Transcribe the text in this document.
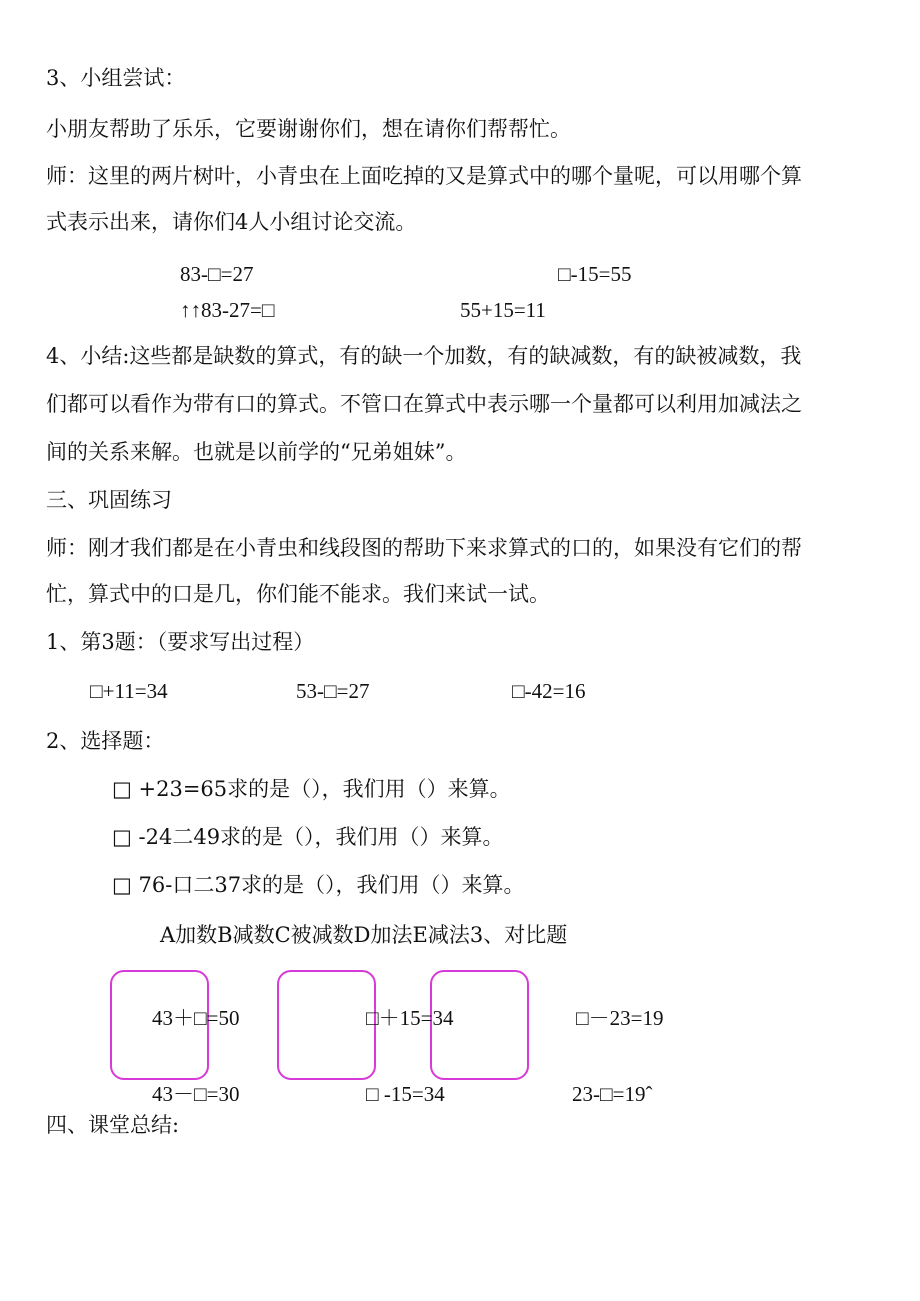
3、小组尝试：
小朋友帮助了乐乐，它要谢谢你们，想在请你们帮帮忙。
师：这里的两片树叶，小青虫在上面吃掉的又是算式中的哪个量呢，可以用哪个算
式表示出来，请你们4人小组讨论交流。
83-□=27	□-15=55
↑↑83-27=□	55+15=11
4、小结:这些都是缺数的算式，有的缺一个加数，有的缺减数，有的缺被减数，我
们都可以看作为带有口的算式。不管口在算式中表示哪一个量都可以利用加减法之
间的关系来解。也就是以前学的“兄弟姐妹”。
三、巩固练习
师：刚才我们都是在小青虫和线段图的帮助下来求算式的口的，如果没有它们的帮
忙，算式中的口是几，你们能不能求。我们来试一试。
1、第3题：（要求写出过程）
□+11=34	53-□=27	□-42=16
2、选择题：
□ +23=65求的是（），我们用（）来算。
□ -24二49求的是（），我们用（）来算。
□ 76-口二37求的是（），我们用（）来算。
A加数B减数C被减数D加法E减法3、对比题
43＋□=50	□＋15=34	□－23=19
43－□=30	□ -15=34	23-□=19ˆ
四、课堂总结:
